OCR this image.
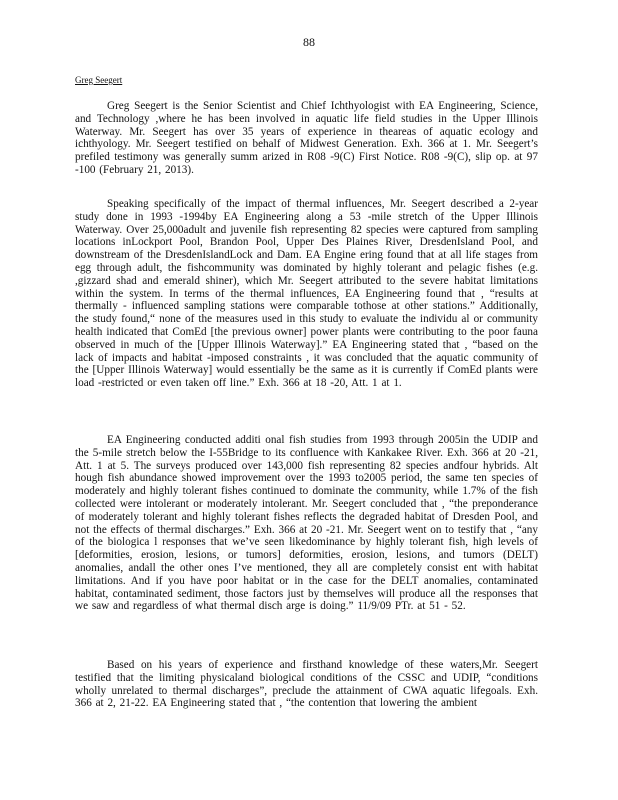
88
Greg Seegert

Greg Seegert is the Senior Scientist and Chief Ichthyologist with EA Engineering, Science, and Technology ,where he has been involved in aquatic life field studies in the Upper Illinois Waterway. Mr. Seegert has over 35 years of experience in theareas of aquatic ecology and ichthyology. Mr. Seegert testified on behalf of Midwest Generation. Exh. 366 at 1. Mr. Seegert’s prefiled testimony was generally summ arized in R08 -9(C) First Notice. R08 -9(C), slip op. at 97 -100 (February 21, 2013).

Speaking specifically of the impact of thermal influences, Mr. Seegert described a 2-year study done in 1993 -1994by EA Engineering along a 53 -mile stretch of the Upper Illinois Waterway. Over 25,000adult and juvenile fish representing 82 species were captured from sampling locations inLockport Pool, Brandon Pool, Upper Des Plaines River, DresdenIsland Pool, and downstream of the DresdenIslandLock and Dam. EA Engine ering found that at all life stages from egg through adult, the fishcommunity was dominated by highly tolerant and pelagic fishes (e.g. ,gizzard shad and emerald shiner), which Mr. Seegert attributed to the severe habitat limitations within the system. In terms of the thermal influences, EA Engineering found that , “results at thermally - influenced sampling stations were comparable tothose at other stations.” Additionally, the study found,“ none of the measures used in this study to evaluate the individu al or community health indicated that ComEd [the previous owner] power plants were contributing to the poor fauna observed in much of the [Upper Illinois Waterway].” EA Engineering stated that , “based on the lack of impacts and habitat -imposed constraints , it was concluded that the aquatic community of the [Upper Illinois Waterway] would essentially be the same as it is currently if ComEd plants were load -restricted or even taken off line.” Exh. 366 at 18 -20, Att. 1 at 1.

EA Engineering conducted additi onal fish studies from 1993 through 2005in the UDIP and the 5-mile stretch below the I-55Bridge to its confluence with Kankakee River. Exh. 366 at 20 -21, Att. 1 at 5. The surveys produced over 143,000 fish representing 82 species andfour hybrids. Alt hough fish abundance showed improvement over the 1993 to2005 period, the same ten species of moderately and highly tolerant fishes continued to dominate the community, while 1.7% of the fish collected were intolerant or moderately intolerant. Mr. Seegert concluded that , “the preponderance of moderately tolerant and highly tolerant fishes reflects the degraded habitat of Dresden Pool, and not the effects of thermal discharges.” Exh. 366 at 20 -21. Mr. Seegert went on to testify that , “any of the biologica l responses that we’ve seen likedominance by highly tolerant fish, high levels of [deformities, erosion, lesions, or tumors] deformities, erosion, lesions, and tumors (DELT) anomalies, andall the other ones I’ve mentioned, they all are completely consist ent with habitat limitations. And if you have poor habitat or in the case for the DELT anomalies, contaminated habitat, contaminated sediment, those factors just by themselves will produce all the responses that we saw and regardless of what thermal disch arge is doing.” 11/9/09 PTr. at 51 - 52.

Based on his years of experience and firsthand knowledge of these waters,Mr. Seegert testified that the limiting physicaland biological conditions of the CSSC and UDIP, “conditions wholly unrelated to thermal discharges”, preclude the attainment of CWA aquatic lifegoals. Exh. 366 at 2, 21-22. EA Engineering stated that , “the contention that lowering the ambient
